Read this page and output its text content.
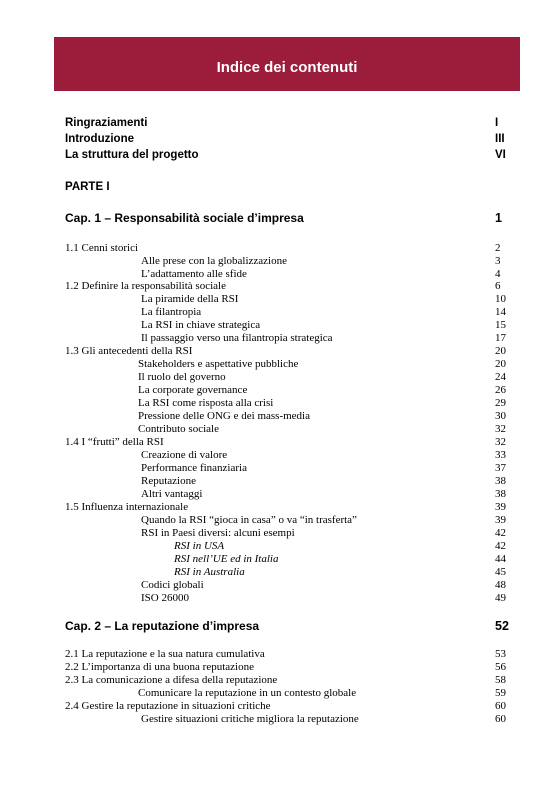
Indice dei contenuti
Ringraziamenti	I
Introduzione	III
La struttura del progetto	VI
PARTE I
Cap. 1 – Responsabilità sociale d’impresa	1
1.1 Cenni storici	2
Alle prese con la globalizzazione	3
L’adattamento alle sfide	4
1.2 Definire la responsabilità sociale	6
La piramide della RSI	10
La filantropia	14
La RSI in chiave strategica	15
Il passaggio verso una filantropia strategica	17
1.3 Gli antecedenti della RSI	20
Stakeholders e aspettative pubbliche	20
Il ruolo del governo	24
La corporate governance	26
La RSI come risposta alla crisi	29
Pressione delle ONG e dei mass-media	30
Contributo sociale	32
1.4 I “frutti” della RSI	32
Creazione di valore	33
Performance finanziaria	37
Reputazione	38
Altri vantaggi	38
1.5 Influenza internazionale	39
Quando la RSI “gioca in casa” o va “in trasferta”	39
RSI in Paesi diversi: alcuni esempi	42
RSI in USA	42
RSI nell’UE ed in Italia	44
RSI in Australia	45
Codici globali	48
ISO 26000	49
Cap. 2 – La reputazione d’impresa	52
2.1 La reputazione e la sua natura cumulativa	53
2.2 L’importanza di una buona reputazione	56
2.3 La comunicazione a difesa della reputazione	58
Comunicare la reputazione in un contesto globale	59
2.4 Gestire la reputazione in situazioni critiche	60
Gestire situazioni critiche migliora la reputazione	60
